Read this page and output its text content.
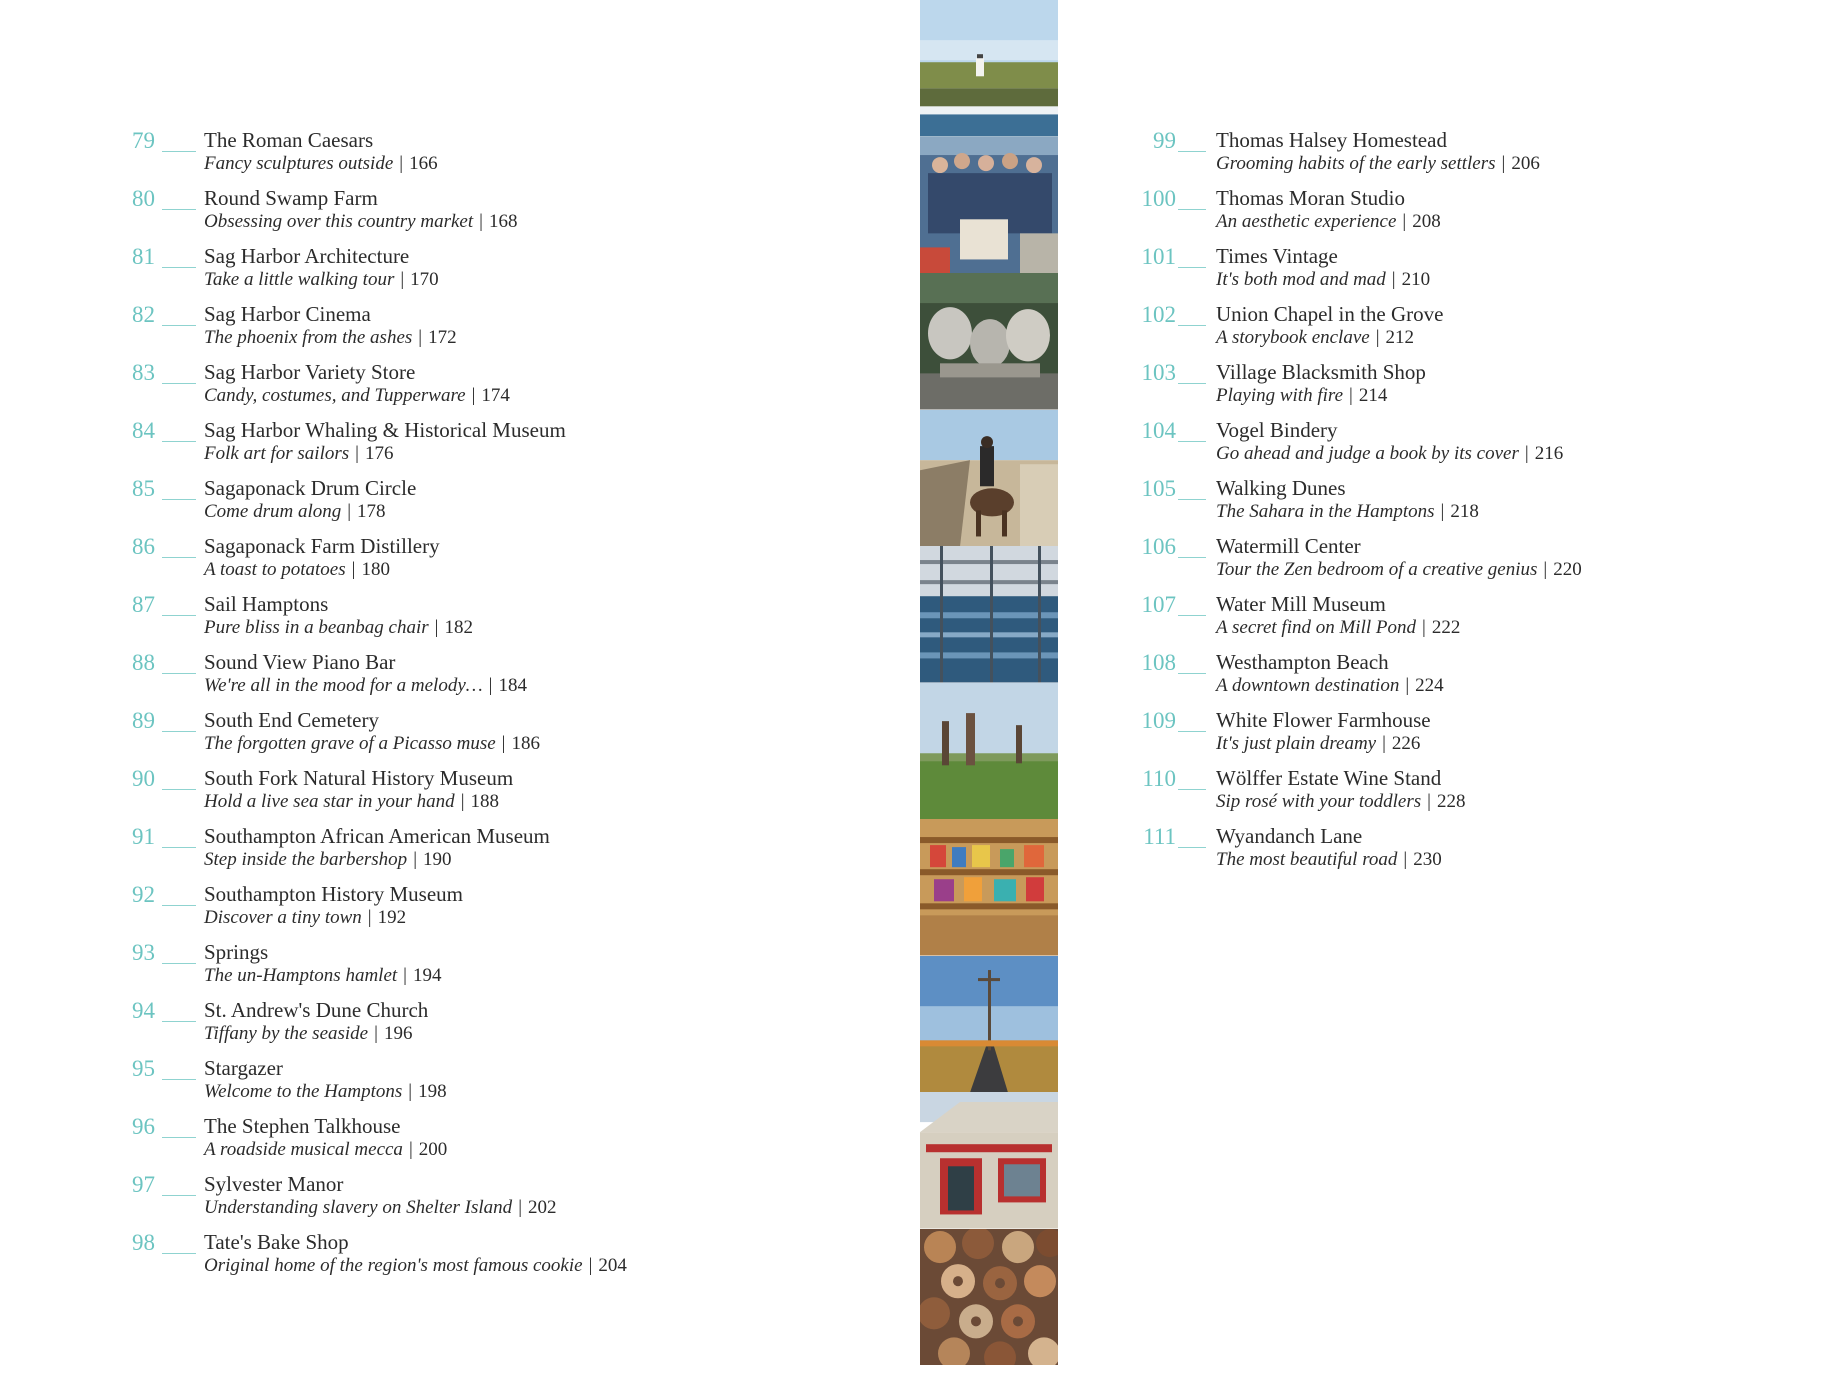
79	The Roman Caesars
Fancy sculptures outside | 166
80	Round Swamp Farm
Obsessing over this country market | 168
81	Sag Harbor Architecture
Take a little walking tour | 170
82	Sag Harbor Cinema
The phoenix from the ashes | 172
83	Sag Harbor Variety Store
Candy, costumes, and Tupperware | 174
84	Sag Harbor Whaling & Historical Museum
Folk art for sailors | 176
85	Sagaponack Drum Circle
Come drum along | 178
86	Sagaponack Farm Distillery
A toast to potatoes | 180
87	Sail Hamptons
Pure bliss in a beanbag chair | 182
88	Sound View Piano Bar
We're all in the mood for a melody… | 184
89	South End Cemetery
The forgotten grave of a Picasso muse | 186
90	South Fork Natural History Museum
Hold a live sea star in your hand | 188
91	Southampton African American Museum
Step inside the barbershop | 190
92	Southampton History Museum
Discover a tiny town | 192
93	Springs
The un-Hamptons hamlet | 194
94	St. Andrew's Dune Church
Tiffany by the seaside | 196
95	Stargazer
Welcome to the Hamptons | 198
96	The Stephen Talkhouse
A roadside musical mecca | 200
97	Sylvester Manor
Understanding slavery on Shelter Island | 202
98	Tate's Bake Shop
Original home of the region's most famous cookie | 204
99 Thomas Halsey Homestead
Grooming habits of the early settlers | 206
100 Thomas Moran Studio
An aesthetic experience | 208
101 Times Vintage
It's both mod and mad | 210
102 Union Chapel in the Grove
A storybook enclave | 212
103 Village Blacksmith Shop
Playing with fire | 214
104 Vogel Bindery
Go ahead and judge a book by its cover | 216
105 Walking Dunes
The Sahara in the Hamptons | 218
106 Watermill Center
Tour the Zen bedroom of a creative genius | 220
107 Water Mill Museum
A secret find on Mill Pond | 222
108 Westhampton Beach
A downtown destination | 224
109 White Flower Farmhouse
It's just plain dreamy | 226
110 Wölffer Estate Wine Stand
Sip rosé with your toddlers | 228
111 Wyandanch Lane
The most beautiful road | 230
